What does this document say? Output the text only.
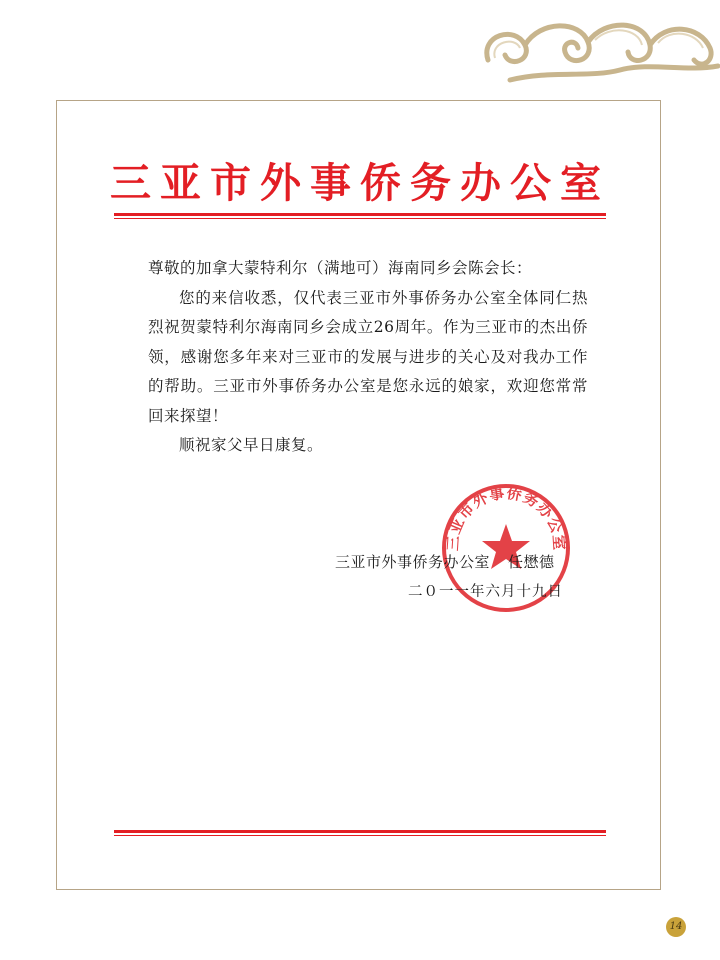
三亚市外事侨务办公室

尊敬的加拿大蒙特利尔（满地可）海南同乡会陈会长：

您的来信收悉，仅代表三亚市外事侨务办公室全体同仁热烈祝贺蒙特利尔海南同乡会成立26周年。作为三亚市的杰出侨领，感谢您多年来对三亚市的发展与进步的关心及对我办工作的帮助。三亚市外事侨务办公室是您永远的娘家，欢迎您常常回来探望！

顺祝家父早日康复。

三亚市外事侨务办公室
三亚市外事侨务办公室 任懋德
二０一一年六月十九日
14
